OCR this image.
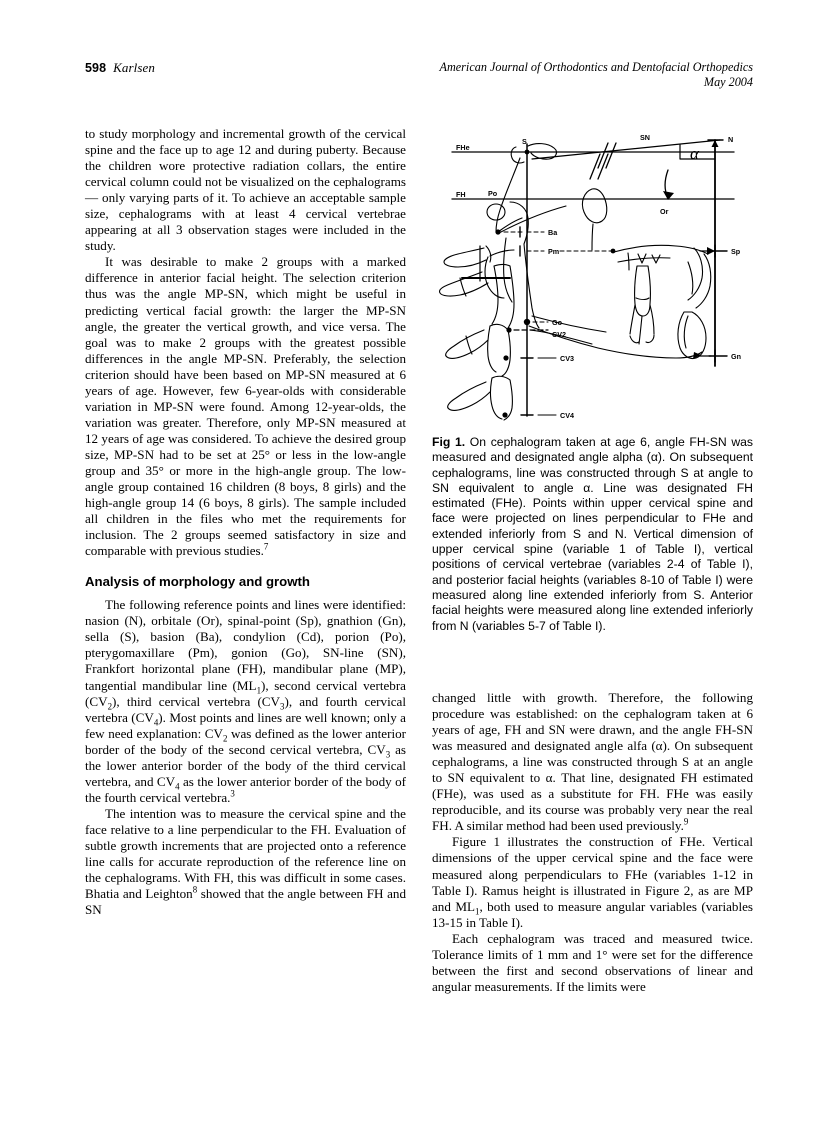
598 Karlsen	American Journal of Orthodontics and Dentofacial Orthopedics
May 2004

to study morphology and incremental growth of the cervical spine and the face up to age 12 and during puberty. Because the children wore protective radiation collars, the entire cervical column could not be visualized on the cephalograms— only varying parts of it. To achieve an acceptable sample size, cephalograms with at least 4 cervical vertebrae appearing at all 3 observation stages were included in the study.

It was desirable to make 2 groups with a marked difference in anterior facial height. The selection criterion thus was the angle MP-SN, which might be useful in predicting vertical facial growth: the larger the MP-SN angle, the greater the vertical growth, and vice versa. The goal was to make 2 groups with the greatest possible differences in the angle MP-SN. Preferably, the selection criterion should have been based on MP-SN measured at 6 years of age. However, few 6-year-olds with considerable variation in MP-SN were found. Among 12-year-olds, the variation was greater. Therefore, only MP-SN measured at 12 years of age was considered. To achieve the desired group size, MP-SN had to be set at 25° or less in the low-angle group and 35° or more in the high-angle group. The low-angle group contained 16 children (8 boys, 8 girls) and the high-angle group 14 (6 boys, 8 girls). The sample included all children in the files who met the requirements for inclusion. The 2 groups seemed satisfactory in size and comparable with previous studies.$^7$

Analysis of morphology and growth

The following reference points and lines were identified: nasion (N), orbitale (Or), spinal-point (Sp), gnathion (Gn), sella (S), basion (Ba), condylion (Cd), porion (Po), pterygomaxillare (Pm), gonion (Go), SN-line (SN), Frankfort horizontal plane (FH), mandibular plane (MP), tangential mandibular line $(ML_1)$, second cervical vertebra $(CV_2)$, third cervical vertebra $(CV_3)$, and fourth cervical vertebra $(CV_4)$. Most points and lines are well known; only a few need explanation: $CV_2$ was defined as the lower anterior border of the body of the second cervical vertebra, $CV_3$ as the lower anterior border of the body of the third cervical vertebra, and $CV_4$ as the lower anterior border of the body of the fourth cervical vertebra.$^3$

The intention was to measure the cervical spine and the face relative to a line perpendicular to the FH. Evaluation of subtle growth increments that are projected onto a reference line calls for accurate reproduction of the reference line on the cephalograms. With FH, this was difficult in some cases. Bhatia and Leighton$^8$ showed that the angle between FH and SN

FHe
FH	Po
S	SN	N
α
Or
Ba
Pm	Sp
Go
CV2
CV3
CV4
Gn
Fig 1. On cephalogram taken at age 6, angle FH-SN was measured and designated angle alpha (α). On subsequent cephalograms, line was constructed through S at angle to SN equivalent to angle α. Line was designated FH estimated (FHe). Points within upper cervical spine and face were projected on lines perpendicular to FHe and extended inferiorly from S and N. Vertical dimension of upper cervical spine (variable 1 of Table I), vertical positions of cervical vertebrae (variables 2-4 of Table I), and posterior facial heights (variables 8-10 of Table I) were measured along line extended inferiorly from S. Anterior facial heights were measured along line extended inferiorly from N (variables 5-7 of Table I).

changed little with growth. Therefore, the following procedure was established: on the cephalogram taken at 6 years of age, FH and SN were drawn, and the angle FH-SN was measured and designated angle alfa (α). On subsequent cephalograms, a line was constructed through S at an angle to SN equivalent to α. That line, designated FH estimated (FHe), was used as a substitute for FH. FHe was easily reproducible, and its course was probably very near the real FH. A similar method had been used previously.$^9$

Figure 1 illustrates the construction of FHe. Vertical dimensions of the upper cervical spine and the face were measured along perpendiculars to FHe (variables 1-12 in Table I). Ramus height is illustrated in Figure 2, as are MP and $ML_1$, both used to measure angular variables (variables 13-15 in Table I).

Each cephalogram was traced and measured twice. Tolerance limits of 1 mm and 1° were set for the difference between the first and second observations of linear and angular measurements. If the limits were
